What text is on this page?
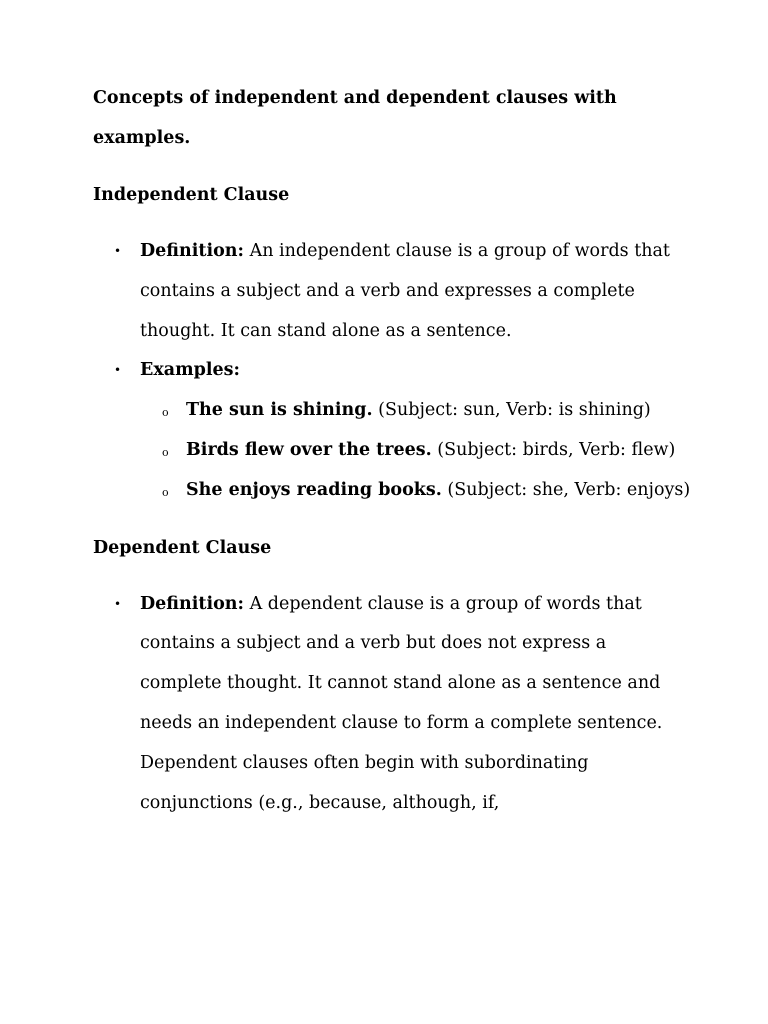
Concepts of independent and dependent clauses with examples.

Independent Clause

• Definition: An independent clause is a group of words that contains a subject and a verb and expresses a complete thought. It can stand alone as a sentence.
• Examples:
o The sun is shining. (Subject: sun, Verb: is shining)
o Birds flew over the trees. (Subject: birds, Verb: flew)
o She enjoys reading books. (Subject: she, Verb: enjoys)

Dependent Clause

• Definition: A dependent clause is a group of words that contains a subject and a verb but does not express a complete thought. It cannot stand alone as a sentence and needs an independent clause to form a complete sentence. Dependent clauses often begin with subordinating conjunctions (e.g., because, although, if,
